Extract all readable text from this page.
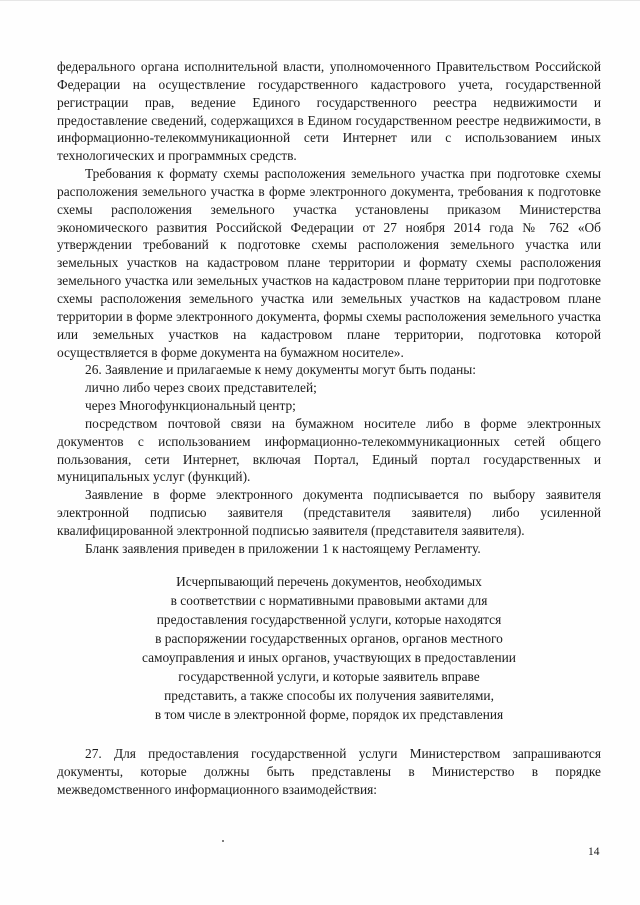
федерального органа исполнительной власти, уполномоченного Правительством Российской Федерации на осуществление государственного кадастрового учета, государственной регистрации прав, ведение Единого государственного реестра недвижимости и предоставление сведений, содержащихся в Едином государственном реестре недвижимости, в информационно-телекоммуникационной сети Интернет или с использованием иных технологических и программных средств.

Требования к формату схемы расположения земельного участка при подготовке схемы расположения земельного участка в форме электронного документа, требования к подготовке схемы расположения земельного участка установлены приказом Министерства экономического развития Российской Федерации от 27 ноября 2014 года № 762 «Об утверждении требований к подготовке схемы расположения земельного участка или земельных участков на кадастровом плане территории и формату схемы расположения земельного участка или земельных участков на кадастровом плане территории при подготовке схемы расположения земельного участка или земельных участков на кадастровом плане территории в форме электронного документа, формы схемы расположения земельного участка или земельных участков на кадастровом плане территории, подготовка которой осуществляется в форме документа на бумажном носителе».

26. Заявление и прилагаемые к нему документы могут быть поданы:

лично либо через своих представителей;

через Многофункциональный центр;

посредством почтовой связи на бумажном носителе либо в форме электронных документов с использованием информационно-телекоммуникационных сетей общего пользования, сети Интернет, включая Портал, Единый портал государственных и муниципальных услуг (функций).

Заявление в форме электронного документа подписывается по выбору заявителя электронной подписью заявителя (представителя заявителя) либо усиленной квалифицированной электронной подписью заявителя (представителя заявителя).

Бланк заявления приведен в приложении 1 к настоящему Регламенту.

Исчерпывающий перечень документов, необходимых
в соответствии с нормативными правовыми актами для
предоставления государственной услуги, которые находятся
в распоряжении государственных органов, органов местного
самоуправления и иных органов, участвующих в предоставлении
государственной услуги, и которые заявитель вправе
представить, а также способы их получения заявителями,
в том числе в электронной форме, порядок их представления

27. Для предоставления государственной услуги Министерством запрашиваются документы, которые должны быть представлены в Министерство в порядке межведомственного информационного взаимодействия:

14
